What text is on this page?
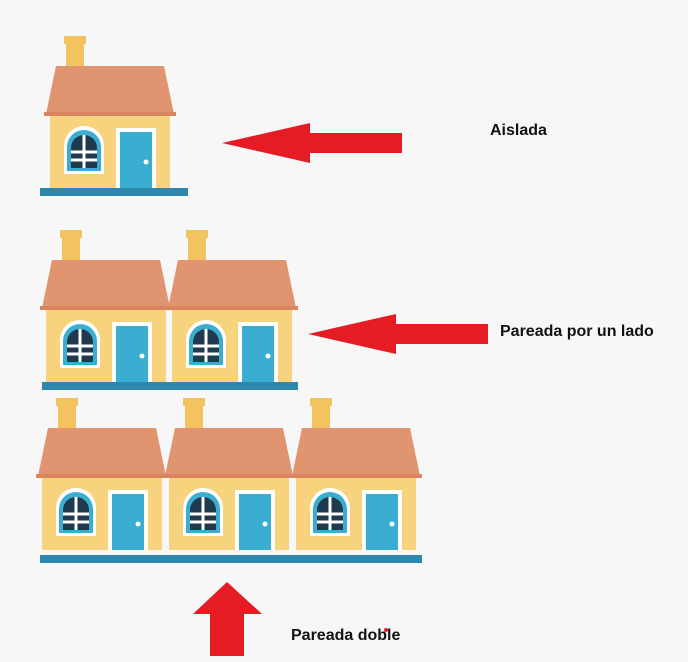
Aislada
Pareada por un lado
Pareada doble
